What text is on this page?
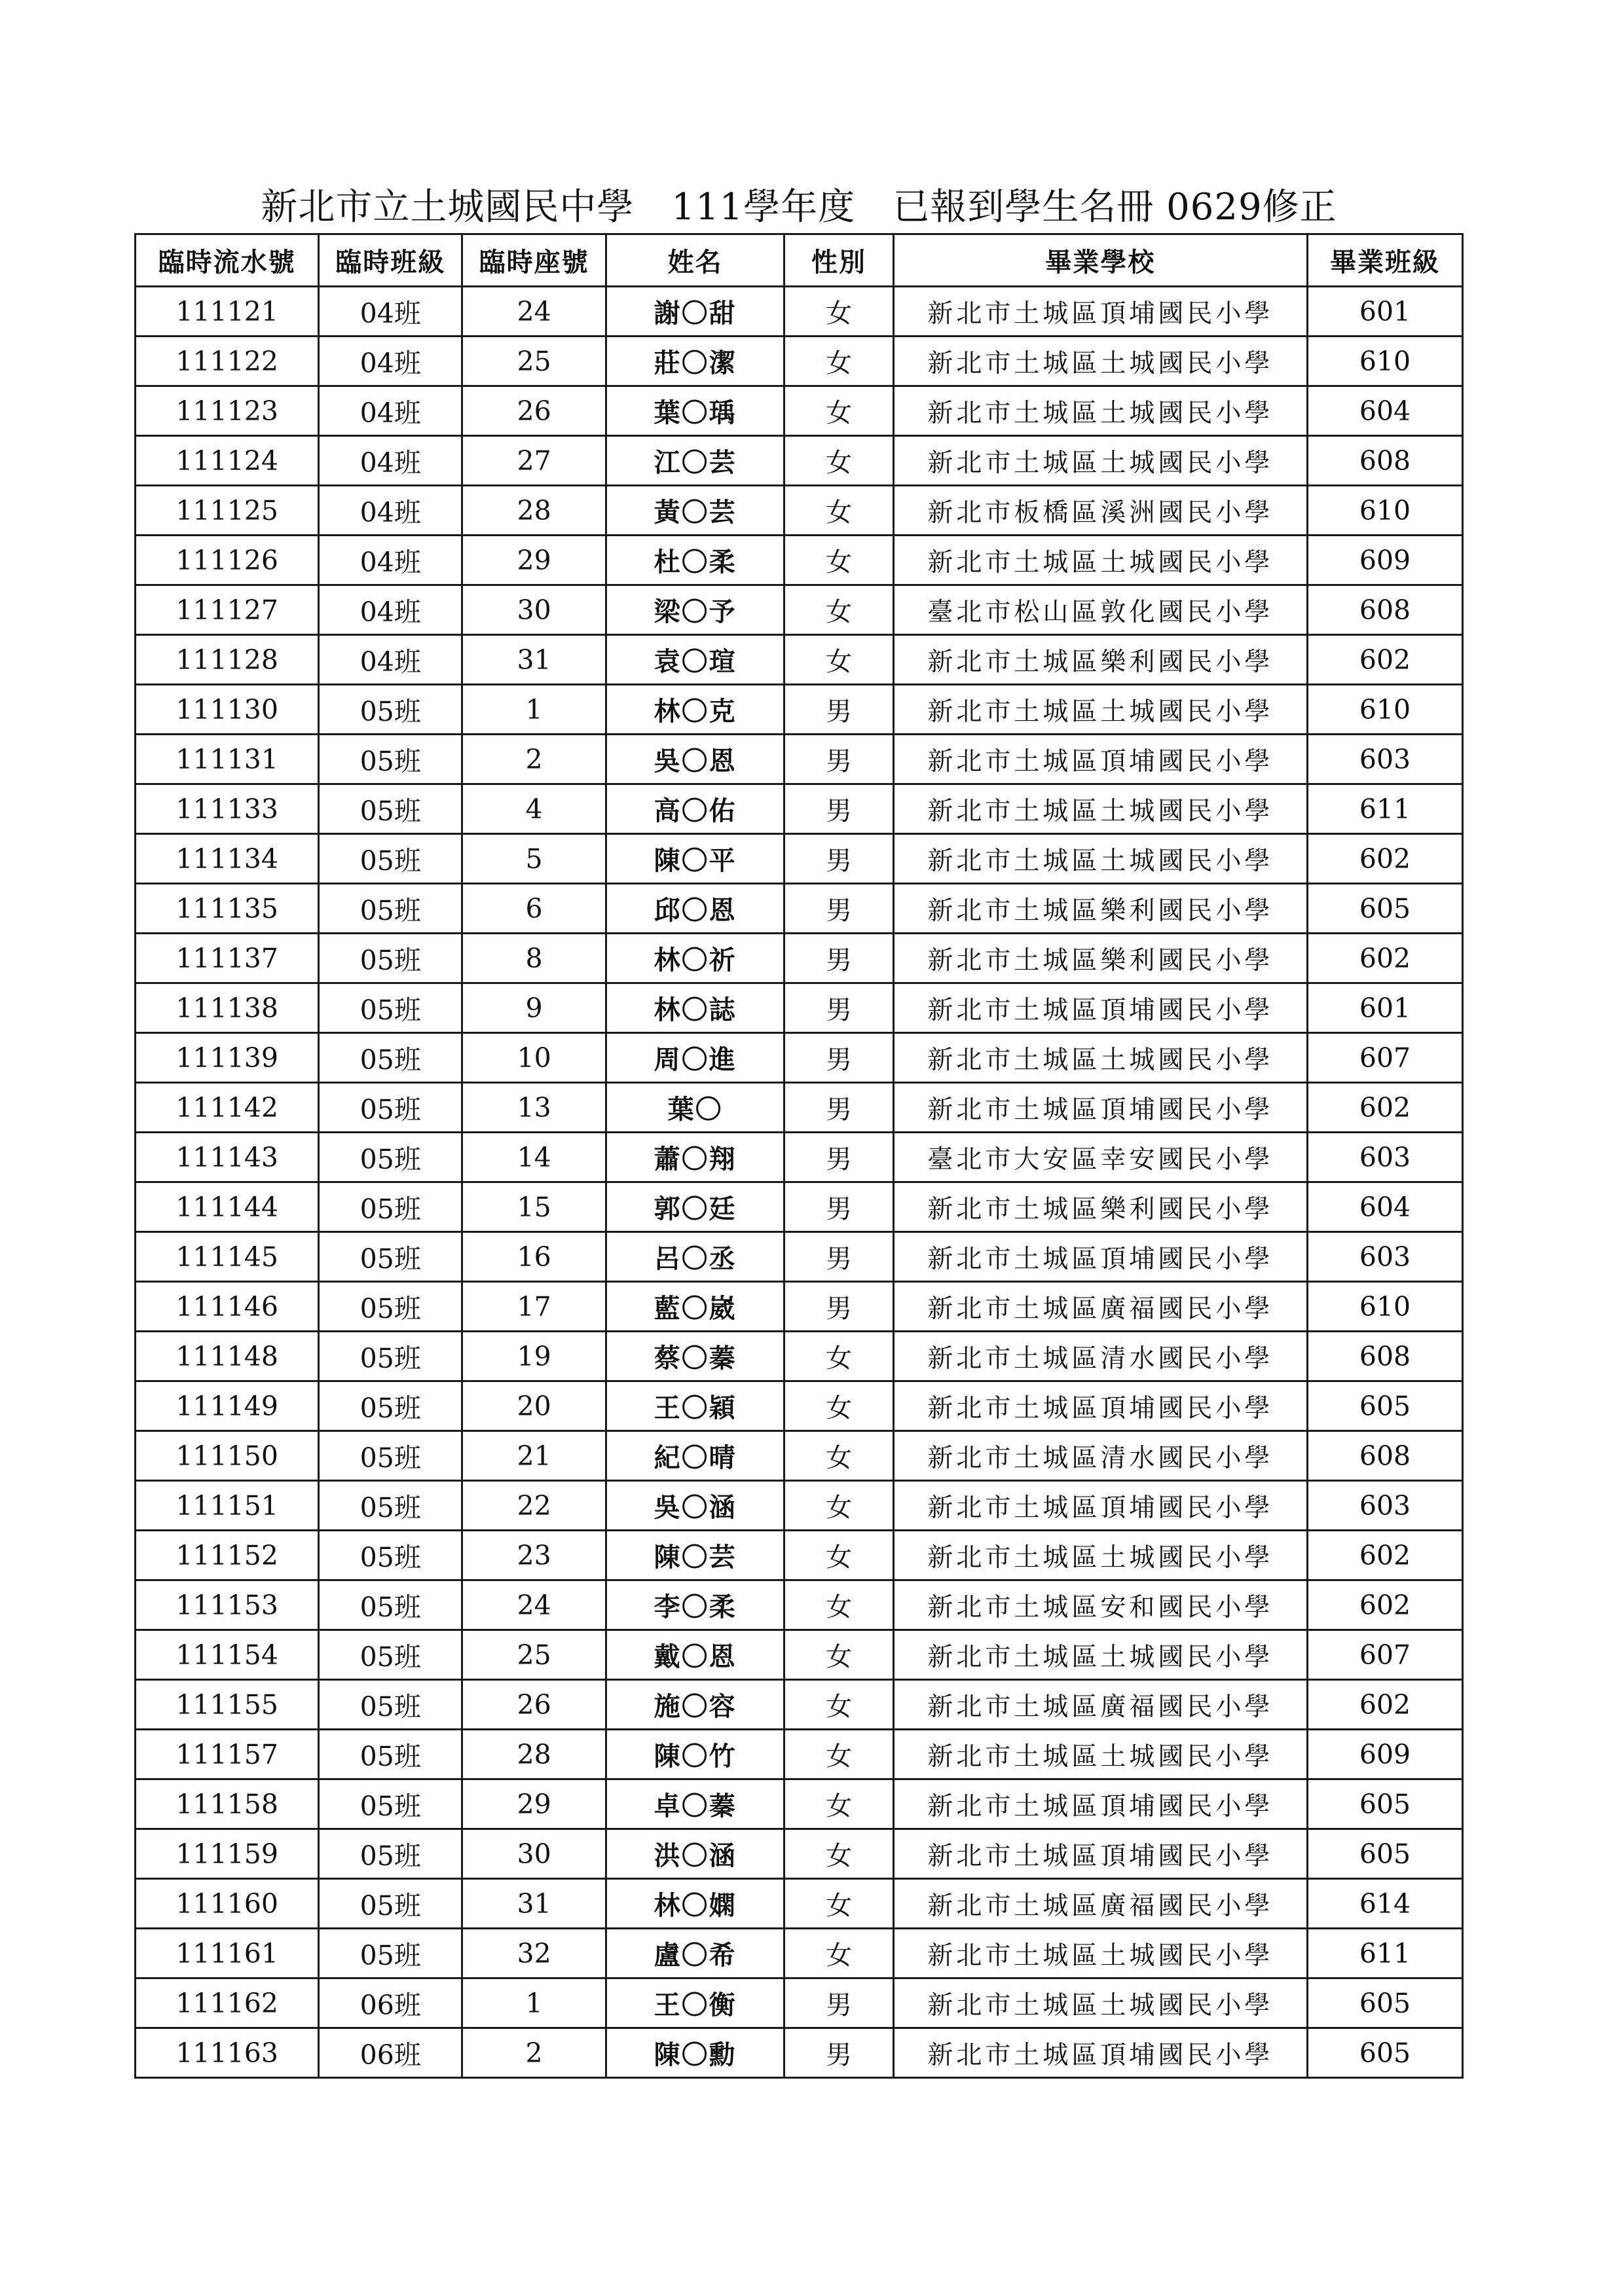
新北市立土城國民中學　111學年度　已報到學生名冊 0629修正
臨時流水號	臨時班級	臨時座號	姓名	性別	畢業學校	畢業班級
111121	04班	24	謝〇甜	女	新北市土城區頂埔國民小學	601
111122	04班	25	莊〇潔	女	新北市土城區土城國民小學	610
111123	04班	26	葉〇瑀	女	新北市土城區土城國民小學	604
111124	04班	27	江〇芸	女	新北市土城區土城國民小學	608
111125	04班	28	黃〇芸	女	新北市板橋區溪洲國民小學	610
111126	04班	29	杜〇柔	女	新北市土城區土城國民小學	609
111127	04班	30	梁〇予	女	臺北市松山區敦化國民小學	608
111128	04班	31	袁〇瑄	女	新北市土城區樂利國民小學	602
111130	05班	1	林〇克	男	新北市土城區土城國民小學	610
111131	05班	2	吳〇恩	男	新北市土城區頂埔國民小學	603
111133	05班	4	高〇佑	男	新北市土城區土城國民小學	611
111134	05班	5	陳〇平	男	新北市土城區土城國民小學	602
111135	05班	6	邱〇恩	男	新北市土城區樂利國民小學	605
111137	05班	8	林〇祈	男	新北市土城區樂利國民小學	602
111138	05班	9	林〇誌	男	新北市土城區頂埔國民小學	601
111139	05班	10	周〇進	男	新北市土城區土城國民小學	607
111142	05班	13	葉〇	男	新北市土城區頂埔國民小學	602
111143	05班	14	蕭〇翔	男	臺北市大安區幸安國民小學	603
111144	05班	15	郭〇廷	男	新北市土城區樂利國民小學	604
111145	05班	16	呂〇丞	男	新北市土城區頂埔國民小學	603
111146	05班	17	藍〇崴	男	新北市土城區廣福國民小學	610
111148	05班	19	蔡〇蓁	女	新北市土城區清水國民小學	608
111149	05班	20	王〇穎	女	新北市土城區頂埔國民小學	605
111150	05班	21	紀〇晴	女	新北市土城區清水國民小學	608
111151	05班	22	吳〇涵	女	新北市土城區頂埔國民小學	603
111152	05班	23	陳〇芸	女	新北市土城區土城國民小學	602
111153	05班	24	李〇柔	女	新北市土城區安和國民小學	602
111154	05班	25	戴〇恩	女	新北市土城區土城國民小學	607
111155	05班	26	施〇容	女	新北市土城區廣福國民小學	602
111157	05班	28	陳〇竹	女	新北市土城區土城國民小學	609
111158	05班	29	卓〇蓁	女	新北市土城區頂埔國民小學	605
111159	05班	30	洪〇涵	女	新北市土城區頂埔國民小學	605
111160	05班	31	林〇嫻	女	新北市土城區廣福國民小學	614
111161	05班	32	盧〇希	女	新北市土城區土城國民小學	611
111162	06班	1	王〇衡	男	新北市土城區土城國民小學	605
111163	06班	2	陳〇勳	男	新北市土城區頂埔國民小學	605
